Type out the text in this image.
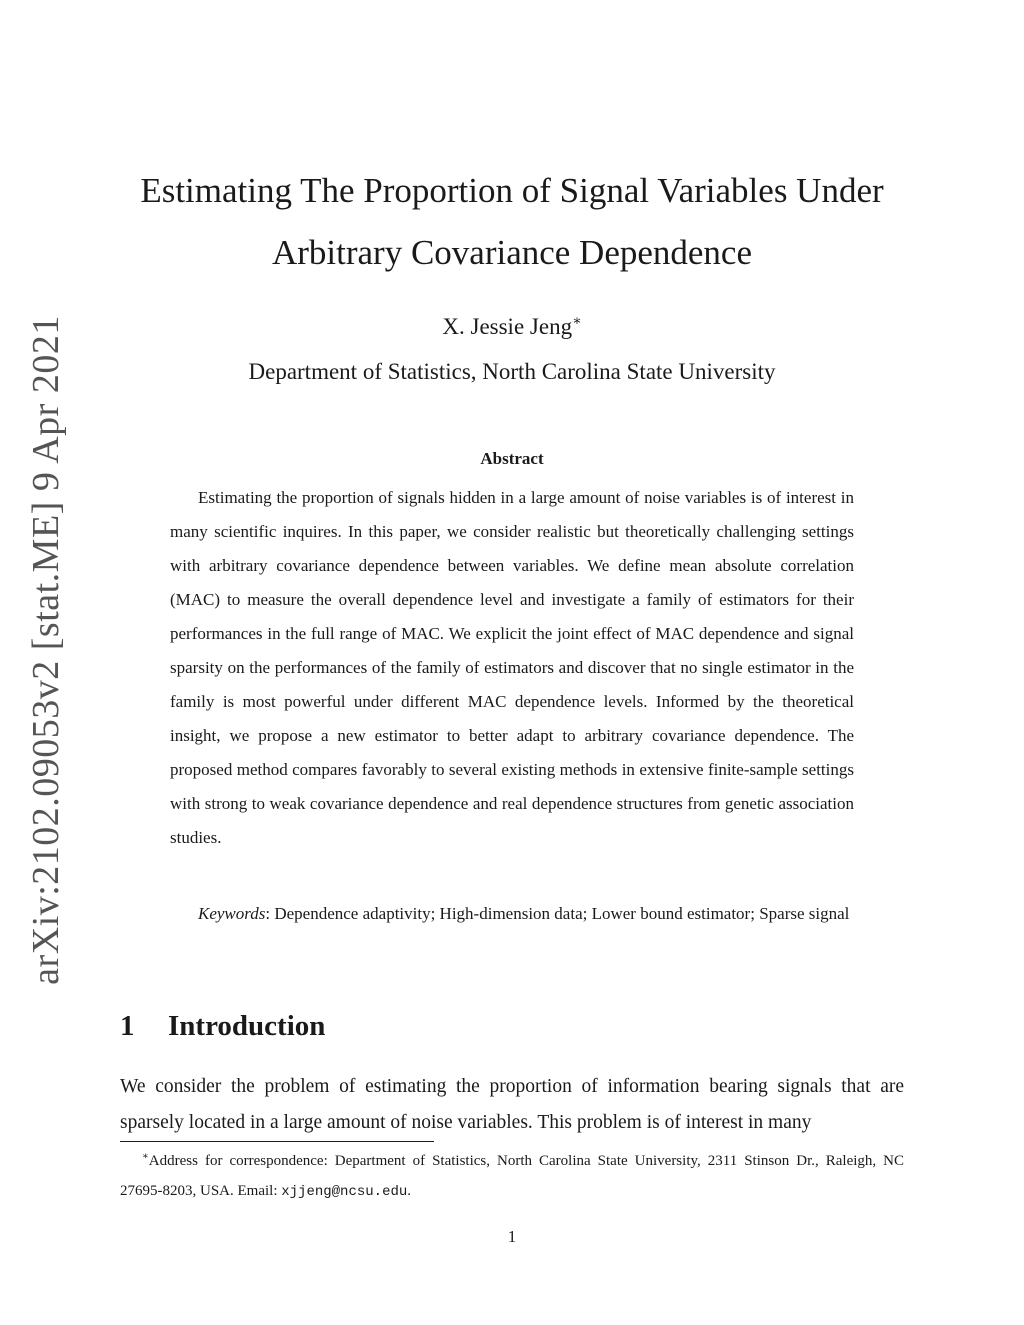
arXiv:2102.09053v2 [stat.ME] 9 Apr 2021
Estimating The Proportion of Signal Variables Under
Arbitrary Covariance Dependence
X. Jessie Jeng∗
Department of Statistics, North Carolina State University
Abstract

Estimating the proportion of signals hidden in a large amount of noise variables is of interest in many scientific inquires. In this paper, we consider realistic but theoretically challenging settings with arbitrary covariance dependence between variables. We define mean absolute correlation (MAC) to measure the overall dependence level and investigate a family of estimators for their performances in the full range of MAC. We explicit the joint effect of MAC dependence and signal sparsity on the performances of the family of estimators and discover that no single estimator in the family is most powerful under different MAC dependence levels. Informed by the theoretical insight, we propose a new estimator to better adapt to arbitrary covariance dependence. The proposed method compares favorably to several existing methods in extensive finite-sample settings with strong to weak covariance dependence and real dependence structures from genetic association studies.

Keywords: Dependence adaptivity; High-dimension data; Lower bound estimator; Sparse signal

1 Introduction

We consider the problem of estimating the proportion of information bearing signals that are sparsely located in a large amount of noise variables. This problem is of interest in many

∗Address for correspondence: Department of Statistics, North Carolina State University, 2311 Stinson Dr., Raleigh, NC 27695-8203, USA. Email: xjjeng@ncsu.edu.

1
